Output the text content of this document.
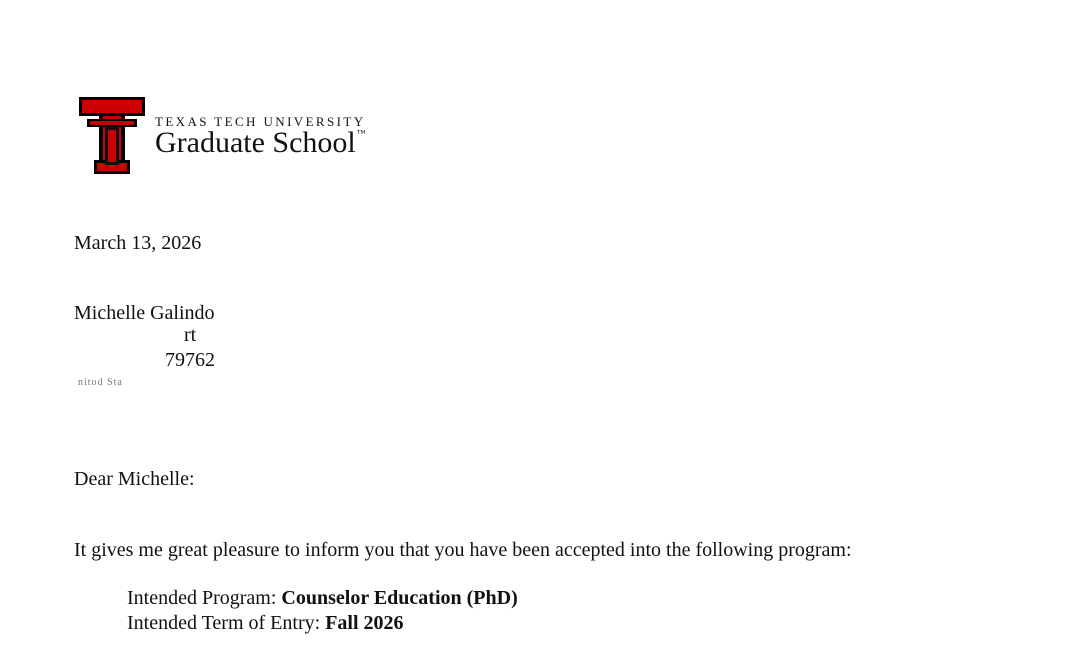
TEXAS TECH UNIVERSITY
Graduate School™
March 13, 2026
Michelle Galindo
rt
79762
nitod Sta
Dear Michelle:
It gives me great pleasure to inform you that you have been accepted into the following program:
Intended Program: Counselor Education (PhD)
Intended Term of Entry: Fall 2026
